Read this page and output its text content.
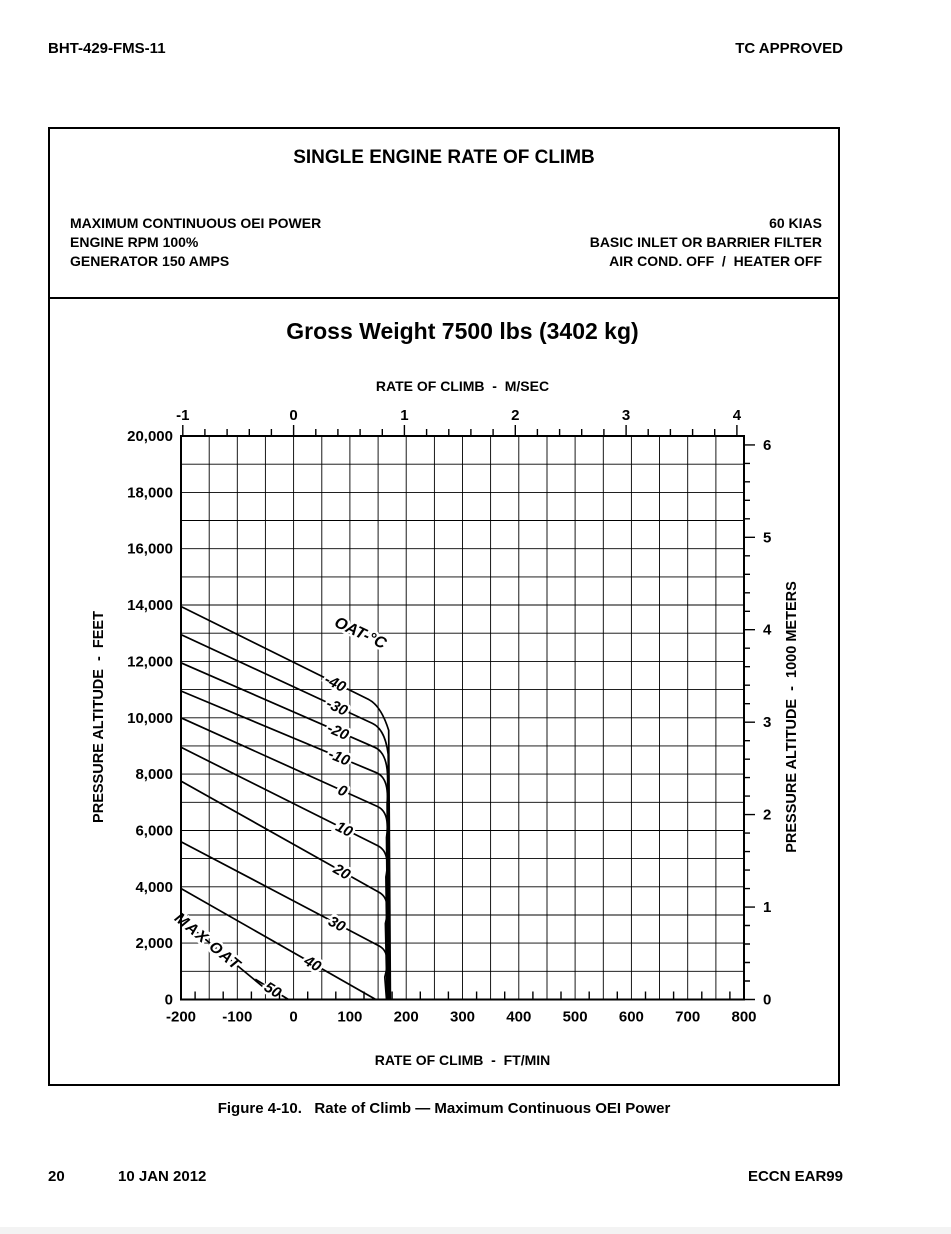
BHT-429-FMS-11	TC APPROVED
SINGLE ENGINE RATE OF CLIMB
MAXIMUM CONTINUOUS OEI POWER
ENGINE RPM 100%
GENERATOR 150 AMPS
60 KIAS
BASIC INLET OR BARRIER FILTER
AIR COND. OFF  /  HEATER OFF
Gross Weight 7500 lbs (3402 kg)
RATE OF CLIMB  -  M/SEC
RATE OF CLIMB  -  FT/MIN
-40
-30
-20
-10
0
10
20
30
40
50
MAX OAT
OAT-°C
-1	0	1	2	3	4
-200 -100 0	100 200 300 400 500 600 700 800
0
2,000
4,000
6,000
8,000
10,000
12,000
14,000
16,000
18,000
20,000
0
1
2
3
4
5
6
PRESSURE ALTITUDE  -  FEET	PRESSURE ALTITUDE  -  1000 METERS
Figure 4-10.   Rate of Climb — Maximum Continuous OEI Power
20	10 JAN 2012	ECCN EAR99
